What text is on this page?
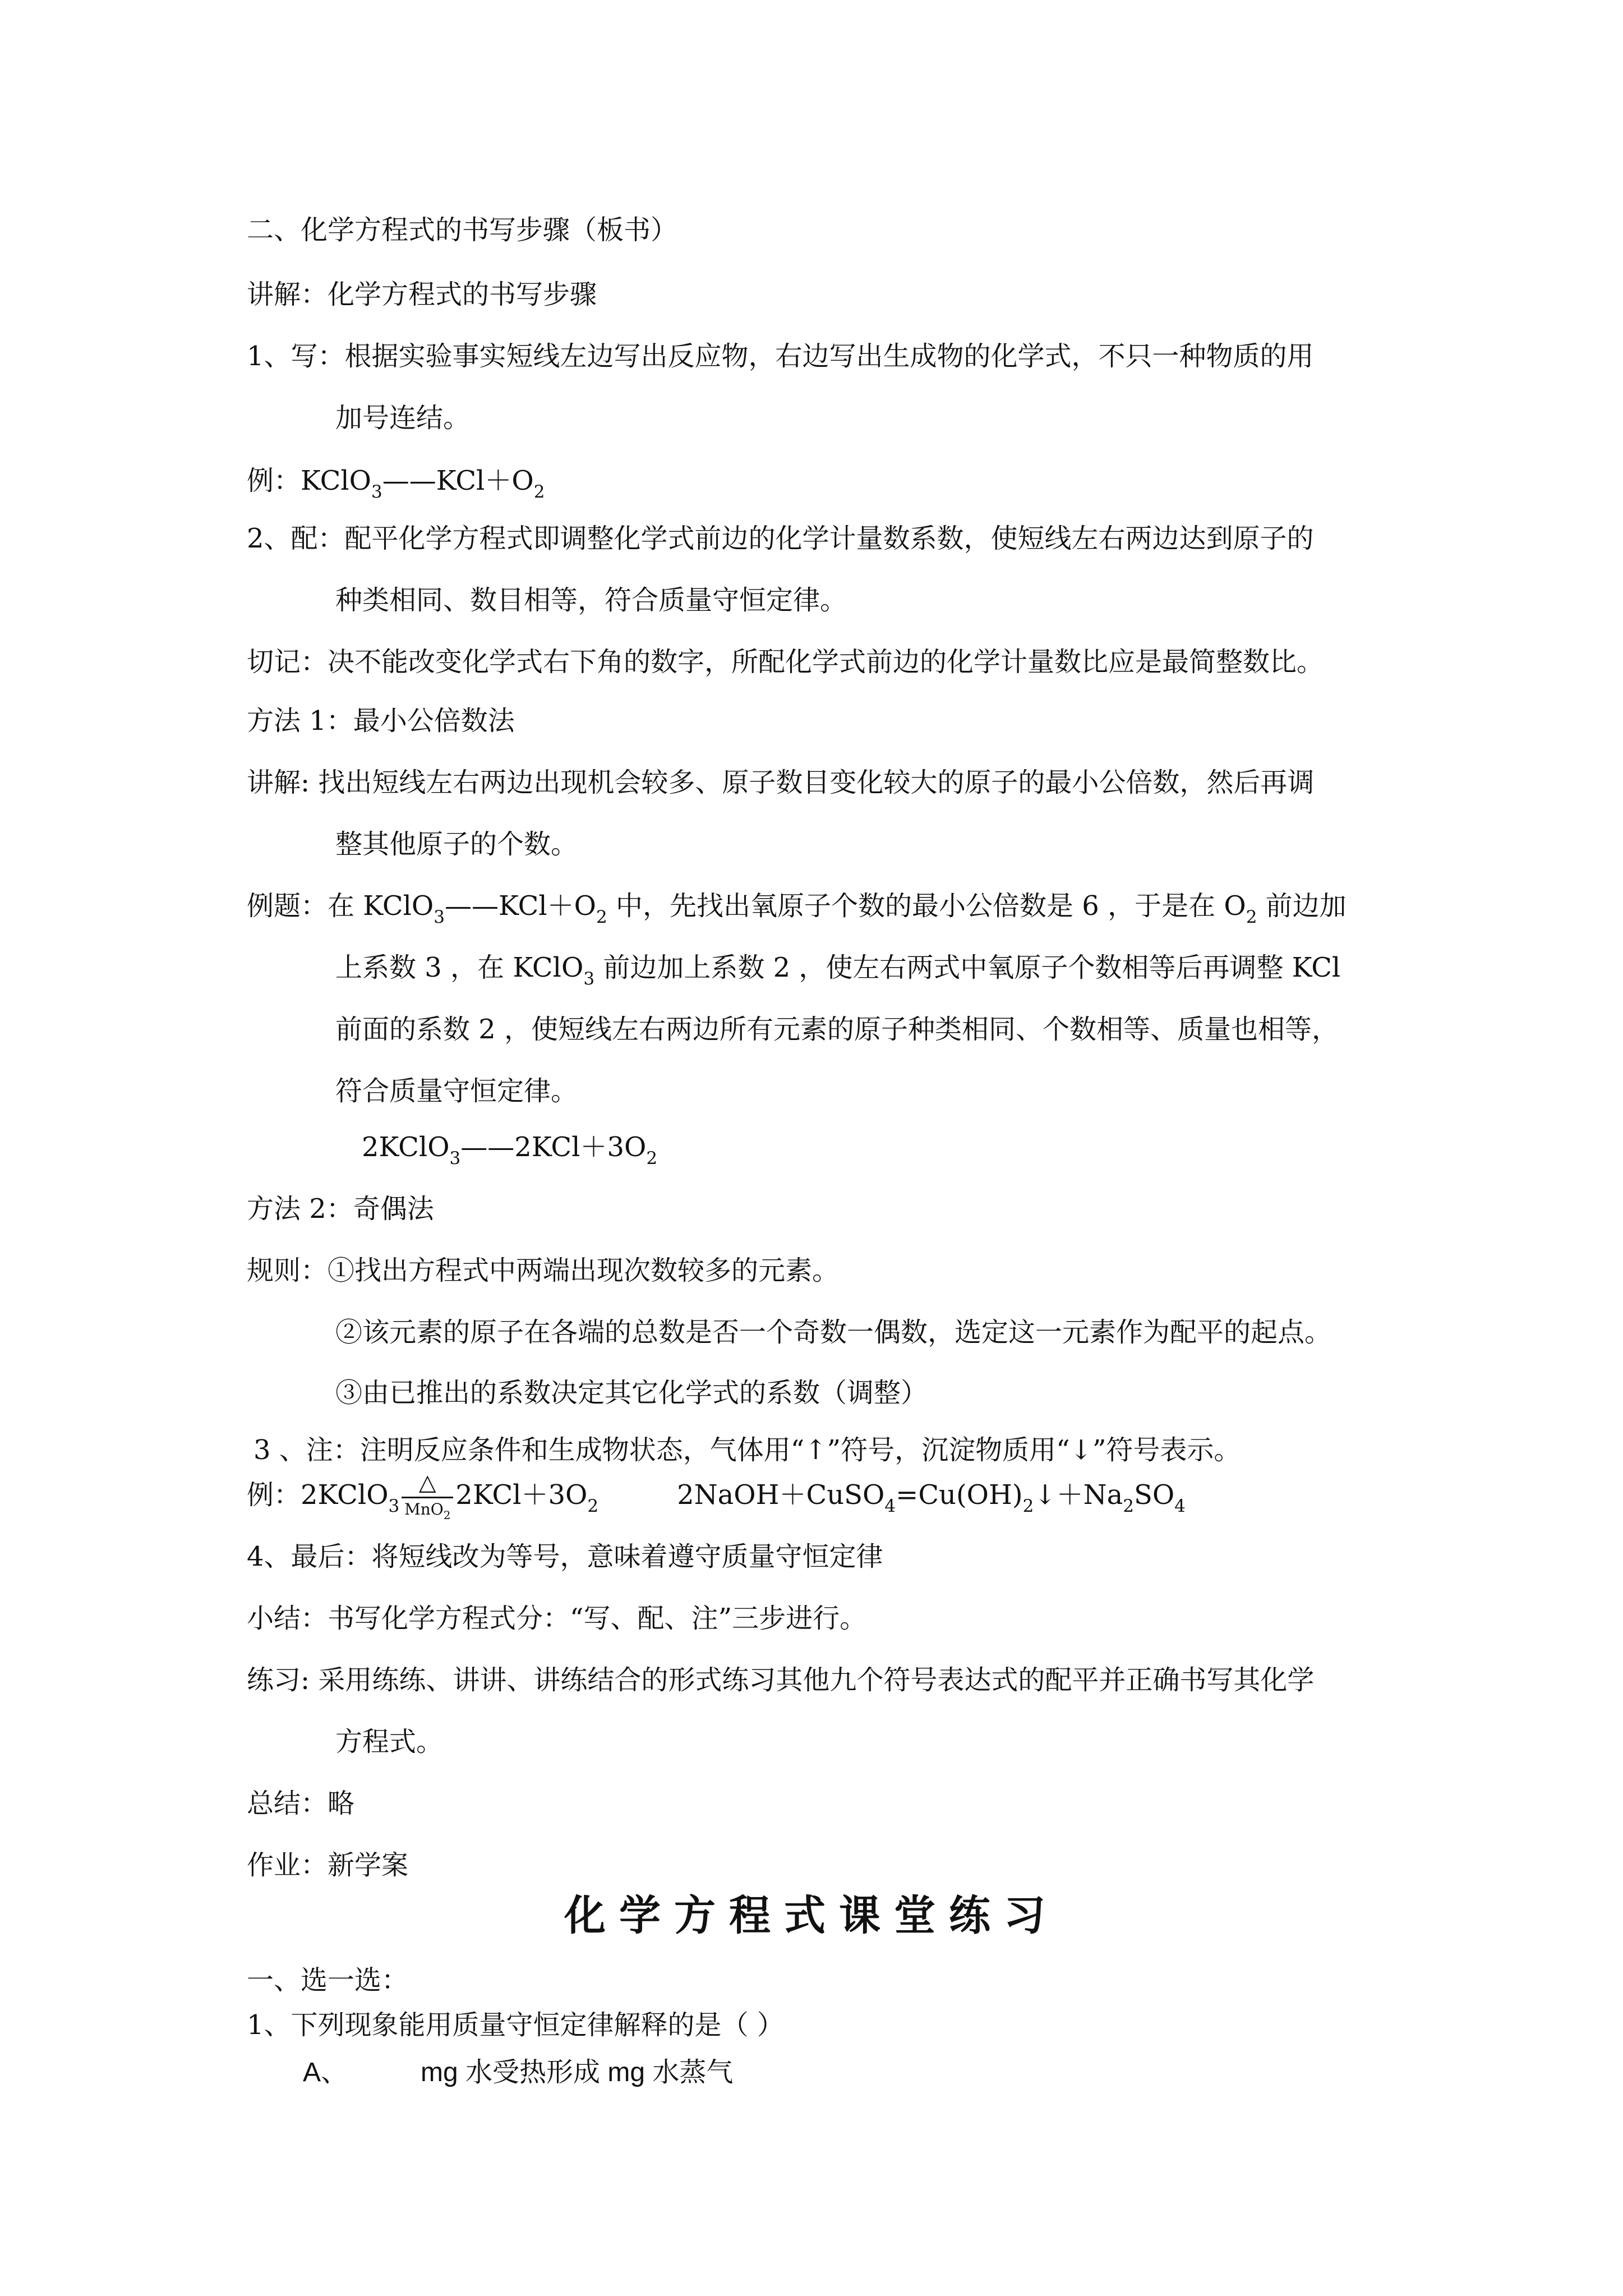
二、化学方程式的书写步骤（板书）
讲解：化学方程式的书写步骤
1、写：根据实验事实短线左边写出反应物，右边写出生成物的化学式，不只一种物质的用
加号连结。
例：$KClO_3——KCl+O_2$
2、配：配平化学方程式即调整化学式前边的化学计量数系数，使短线左右两边达到原子的
种类相同、数目相等，符合质量守恒定律。
切记：决不能改变化学式右下角的数字，所配化学式前边的化学计量数比应是最简整数比。
方法 1：最小公倍数法
讲解: 找出短线左右两边出现机会较多、原子数目变化较大的原子的最小公倍数，然后再调
整其他原子的个数。
例题：在 $KClO_3——KCl+O_2$ 中，先找出氧原子个数的最小公倍数是 6 ，于是在 $O_2$ 前边加
上系数 3 ，在 KClO$_3$ 前边加上系数 2 ，使左右两式中氧原子个数相等后再调整 KCl
前面的系数 2 ，使短线左右两边所有元素的原子种类相同、个数相等、质量也相等，
符合质量守恒定律。
$2KClO_3——2KCl+3O_2$
方法 2：奇偶法
规则：①找出方程式中两端出现次数较多的元素。
②该元素的原子在各端的总数是否一个奇数一偶数，选定这一元素作为配平的起点。
③由已推出的系数决定其它化学式的系数（调整）
3 、注：注明反应条件和生成物状态，气体用“↑”符号，沉淀物质用“↓”符号表示。
例：2KClO$_3$
△
MnO$_2$
$2KCl+3O_2$	$2NaOH+CuSO_4=Cu(OH)_2↓+Na_2SO_4$
4、最后：将短线改为等号，意味着遵守质量守恒定律
小结：书写化学方程式分：“写、配、注”三步进行。
练习: 采用练练、讲讲、讲练结合的形式练习其他九个符号表达式的配平并正确书写其化学
方程式。
总结：略
作业：新学案
化学方程式课堂练习
一、选一选：
1、下列现象能用质量守恒定律解释的是（ ）
A、	mg 水受热形成 mg 水蒸气
